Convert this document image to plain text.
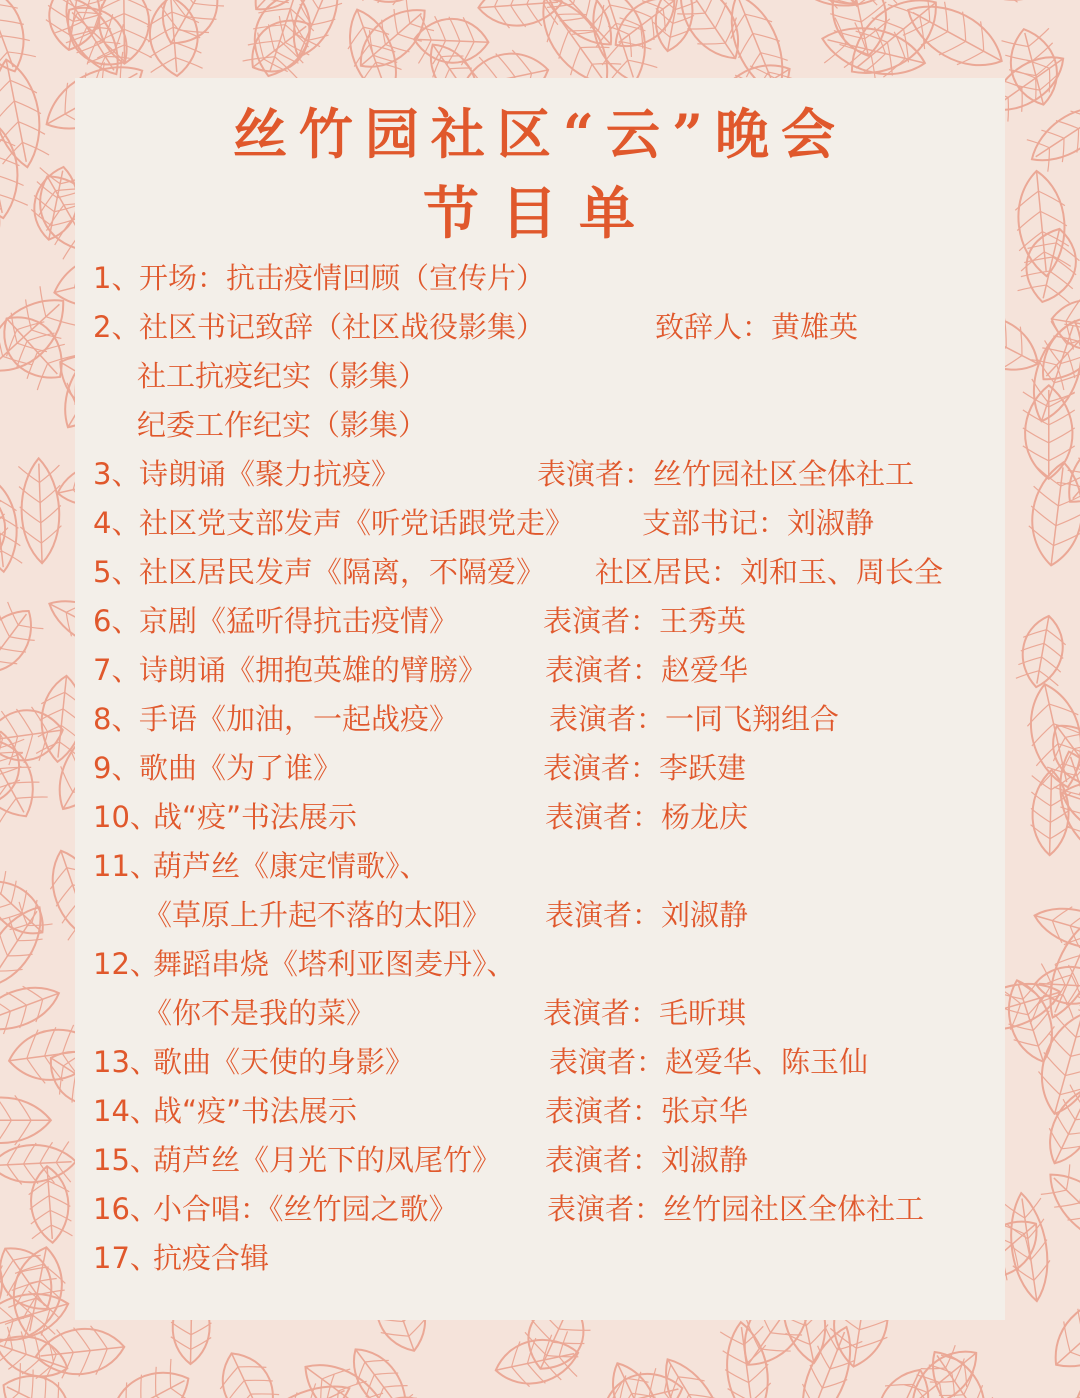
丝竹园社区“云”晚会
节目单
1、
开场：抗击疫情回顾（宣传片）
2、
社区书记致辞（社区战役影集）	致辞人：黄雄英
社工抗疫纪实（影集）
纪委工作纪实（影集）
3、
诗朗诵《聚力抗疫》	表演者：丝竹园社区全体社工
4、
社区党支部发声《听党话跟党走》 支部书记：刘淑静
5、
社区居民发声《隔离，不隔爱》 社区居民：刘和玉、周长全
6、
京剧《猛听得抗击疫情》	表演者：王秀英
7、
诗朗诵《拥抱英雄的臂膀》 表演者：赵爱华
8、
手语《加油，一起战疫》	表演者：一同飞翔组合
9、
歌曲《为了谁》	表演者：李跃建
10、
战“疫”书法展示	表演者：杨龙庆
11、
葫芦丝《康定情歌》、
《草原上升起不落的太阳》 表演者：刘淑静
12、
舞蹈串烧《塔利亚图麦丹》、
《你不是我的菜》	表演者：毛昕琪
13、
歌曲《天使的身影》	表演者：赵爱华、陈玉仙
14、
战“疫”书法展示	表演者：张京华
15、
葫芦丝《月光下的凤尾竹》 表演者：刘淑静
16、
小合唱：《丝竹园之歌》	表演者：丝竹园社区全体社工
17、
抗疫合辑
